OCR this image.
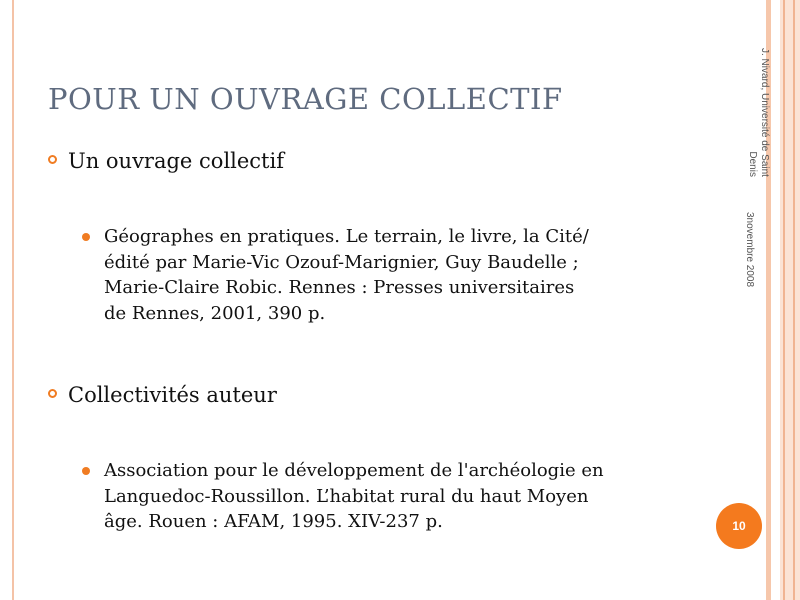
POUR UN OUVRAGE COLLECTIF
Un ouvrage collectif
Géographes en pratiques. Le terrain, le livre, la Cité/
édité par Marie-Vic Ozouf-Marignier, Guy Baudelle ;
Marie-Claire Robic. Rennes : Presses universitaires
de Rennes, 2001, 390 p.
Collectivités auteur
Association pour le développement de l'archéologie en
Languedoc-Roussillon. L’habitat rural du haut Moyen
âge. Rouen : AFAM, 1995. XIV-237 p.
J. Nivard, Université de Saint
Denis
3novembre 2008
10
